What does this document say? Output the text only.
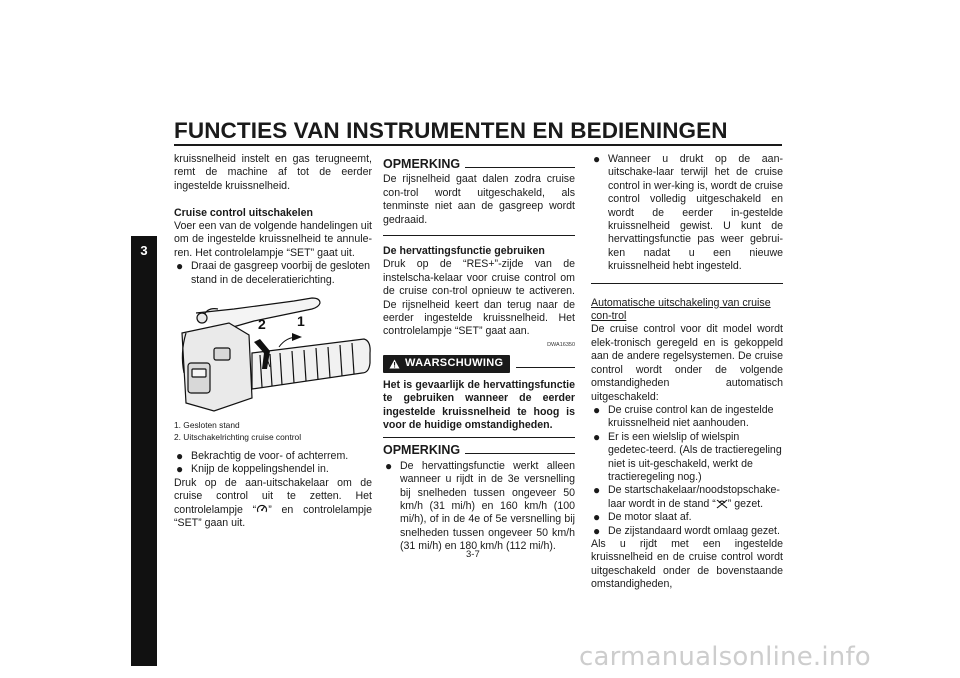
FUNCTIES VAN INSTRUMENTEN EN BEDIENINGEN
3

kruissnelheid instelt en gas terugneemt, remt de machine af tot de eerder ingestelde kruissnelheid.

Cruise control uitschakelen

Voer een van de volgende handelingen uit om de ingestelde kruissnelheid te annule-ren. Het controlelampje “SET” gaat uit.

● Draai de gasgreep voorbij de gesloten stand in de deceleratierichting.

2 1

1. Gesloten stand

2. Uitschakelrichting cruise control

● Bekrachtig de voor- of achterrem.

● Knijp de koppelingshendel in.

Druk op de aan-uitschakelaar om de cruise control uit te zetten. Het controlelampje “ ” en controlelampje “SET” gaan uit.

OPMERKING

De rijsnelheid gaat dalen zodra cruise con-trol wordt uitgeschakeld, als tenminste niet aan de gasgreep wordt gedraaid.

De hervattingsfunctie gebruiken

Druk op de “RES+”-zijde van de instelscha-kelaar voor cruise control om de cruise con-trol opnieuw te activeren. De rijsnelheid keert dan terug naar de eerder ingestelde kruissnelheid. Het controlelampje “SET” gaat aan.

DWA16350
WAARSCHUWING

Het is gevaarlijk de hervattingsfunctie te gebruiken wanneer de eerder ingestelde kruissnelheid te hoog is voor de huidige omstandigheden.

OPMERKING

● De hervattingsfunctie werkt alleen wanneer u rijdt in de 3e versnelling bij snelheden tussen ongeveer 50 km/h (31 mi/h) en 160 km/h (100 mi/h), of in de 4e of 5e versnelling bij snelheden tussen ongeveer 50 km/h (31 mi/h) en 180 km/h (112 mi/h).

● Wanneer u drukt op de aan-uitschake-laar terwijl het de cruise control in wer-king is, wordt de cruise control volledig uitgeschakeld en wordt de eerder in-gestelde kruissnelheid gewist. U kunt de hervattingsfunctie pas weer gebrui-ken nadat u een nieuwe kruissnelheid hebt ingesteld.

Automatische uitschakeling van cruise con-trol

De cruise control voor dit model wordt elek-tronisch geregeld en is gekoppeld aan de andere regelsystemen. De cruise control wordt onder de volgende omstandigheden automatisch uitgeschakeld:

● De cruise control kan de ingestelde kruissnelheid niet aanhouden.

● Er is een wielslip of wielspin gedetec-teerd. (Als de tractieregeling niet is uit-geschakeld, werkt de tractieregeling nog.)

● De startschakelaar/noodstopschake-laar wordt in de stand “ ” gezet.

● De motor slaat af.

● De zijstandaard wordt omlaag gezet.

Als u rijdt met een ingestelde kruissnelheid en de cruise control wordt uitgeschakeld onder de bovenstaande omstandigheden,

3-7
carmanualsonline.info
